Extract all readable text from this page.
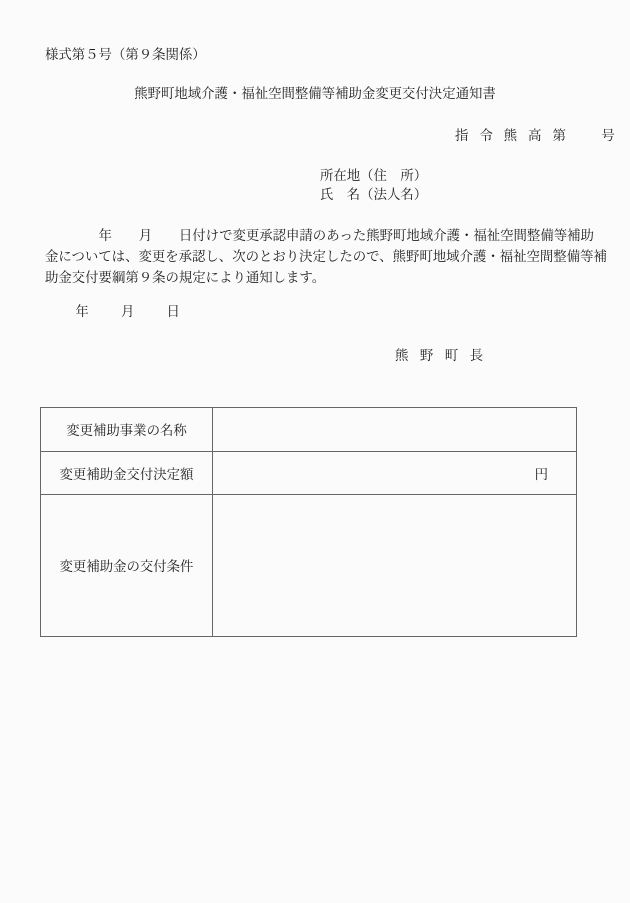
様式第５号（第９条関係）
熊野町地域介護・福祉空間整備等補助金変更交付決定通知書
指令熊高第　号
所在地（住　所）
氏　名（法人名）
　　　　年　　月　　日付けで変更承認申請のあった熊野町地域介護・福祉空間整備等補助
金については、変更を承認し、次のとおり決定したので、熊野町地域介護・福祉空間整備等補
助金交付要綱第９条の規定により通知します。
　　年　　月　　日
熊野町長
変更補助事業の名称	
変更補助金交付決定額	円
変更補助金の交付条件	
